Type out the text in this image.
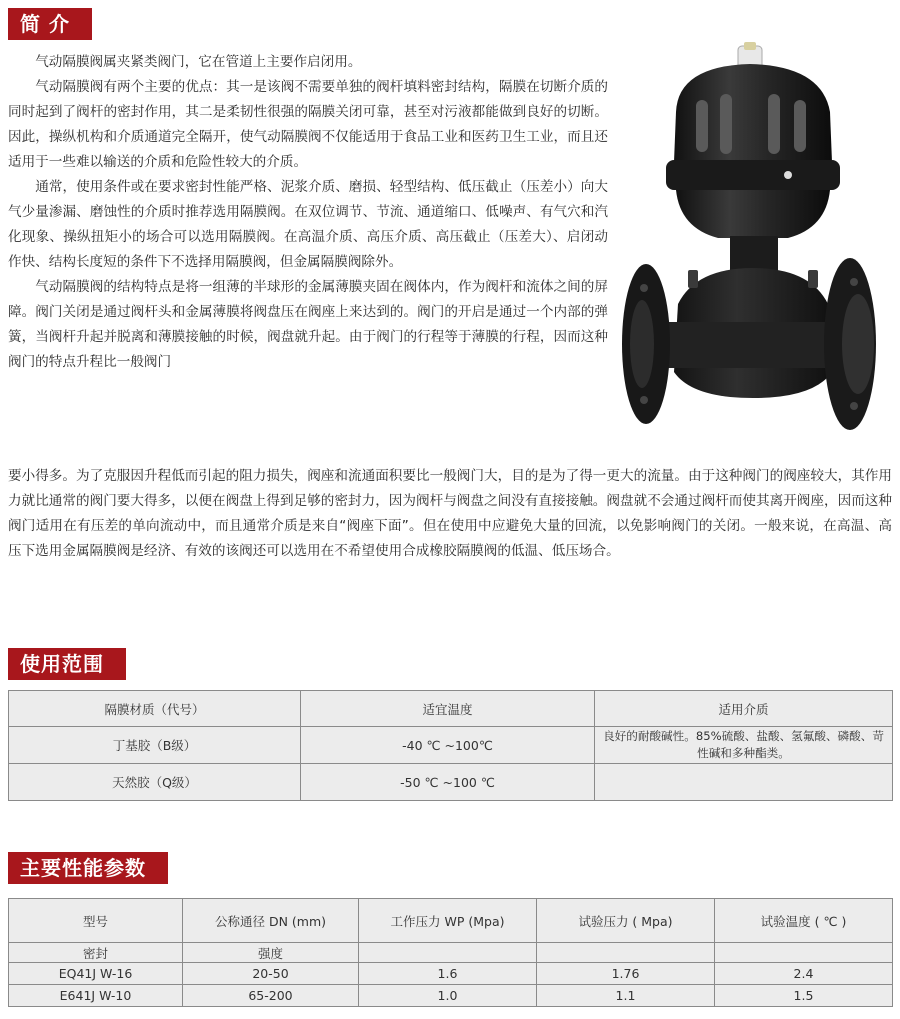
简 介

气动隔膜阀属夹紧类阀门，它在管道上主要作启闭用。

气动隔膜阀有两个主要的优点：其一是该阀不需要单独的阀杆填料密封结构，隔膜在切断介质的同时起到了阀杆的密封作用，其二是柔韧性很强的隔膜关闭可靠，甚至对污液都能做到良好的切断。因此，操纵机构和介质通道完全隔开，使气动隔膜阀不仅能适用于食品工业和医药卫生工业，而且还适用于一些难以输送的介质和危险性较大的介质。

通常，使用条件或在要求密封性能严格、泥浆介质、磨损、轻型结构、低压截止（压差小）向大气少量渗漏、磨蚀性的介质时推荐选用隔膜阀。在双位调节、节流、通道缩口、低噪声、有气穴和汽化现象、操纵扭矩小的场合可以选用隔膜阀。在高温介质、高压介质、高压截止（压差大）、启闭动作快、结构长度短的条件下不选择用隔膜阀，但金属隔膜阀除外。

气动隔膜阀的结构特点是将一组薄的半球形的金属薄膜夹固在阀体内，作为阀杆和流体之间的屏障。阀门关闭是通过阀杆头和金属薄膜将阀盘压在阀座上来达到的。阀门的开启是通过一个内部的弹簧，当阀杆升起并脱离和薄膜接触的时候，阀盘就升起。由于阀门的行程等于薄膜的行程，因而这种阀门的特点升程比一般阀门

要小得多。为了克服因升程低而引起的阻力损失，阀座和流通面积要比一般阀门大，目的是为了得一更大的流量。由于这种阀门的阀座较大，其作用力就比通常的阀门要大得多，以便在阀盘上得到足够的密封力，因为阀杆与阀盘之间没有直接接触。阀盘就不会通过阀杆而使其离开阀座，因而这种阀门适用在有压差的单向流动中，而且通常介质是来自“阀座下面”。但在使用中应避免大量的回流，以免影响阀门的关闭。一般来说，在高温、高压下选用金属隔膜阀是经济、有效的该阀还可以选用在不希望使用合成橡胶隔膜阀的低温、低压场合。

使用范围
隔膜材质（代号）	适宜温度	适用介质
丁基胶（B级）	-40 ℃ ~100℃	良好的耐酸碱性。85%硫酸、盐酸、氢氟酸、磷酸、苛性碱和多种酯类。
天然胶（Q级）	-50 ℃ ~100 ℃	
主要性能参数
型号	公称通径 DN (mm)	工作压力 WP (Mpa)	试验压力 ( Mpa)	试验温度 ( ℃ )
密封	强度			
EQ41J W-16	20-50	1.6	1.76	2.4
E641J W-10	65-200	1.0	1.1	1.5
